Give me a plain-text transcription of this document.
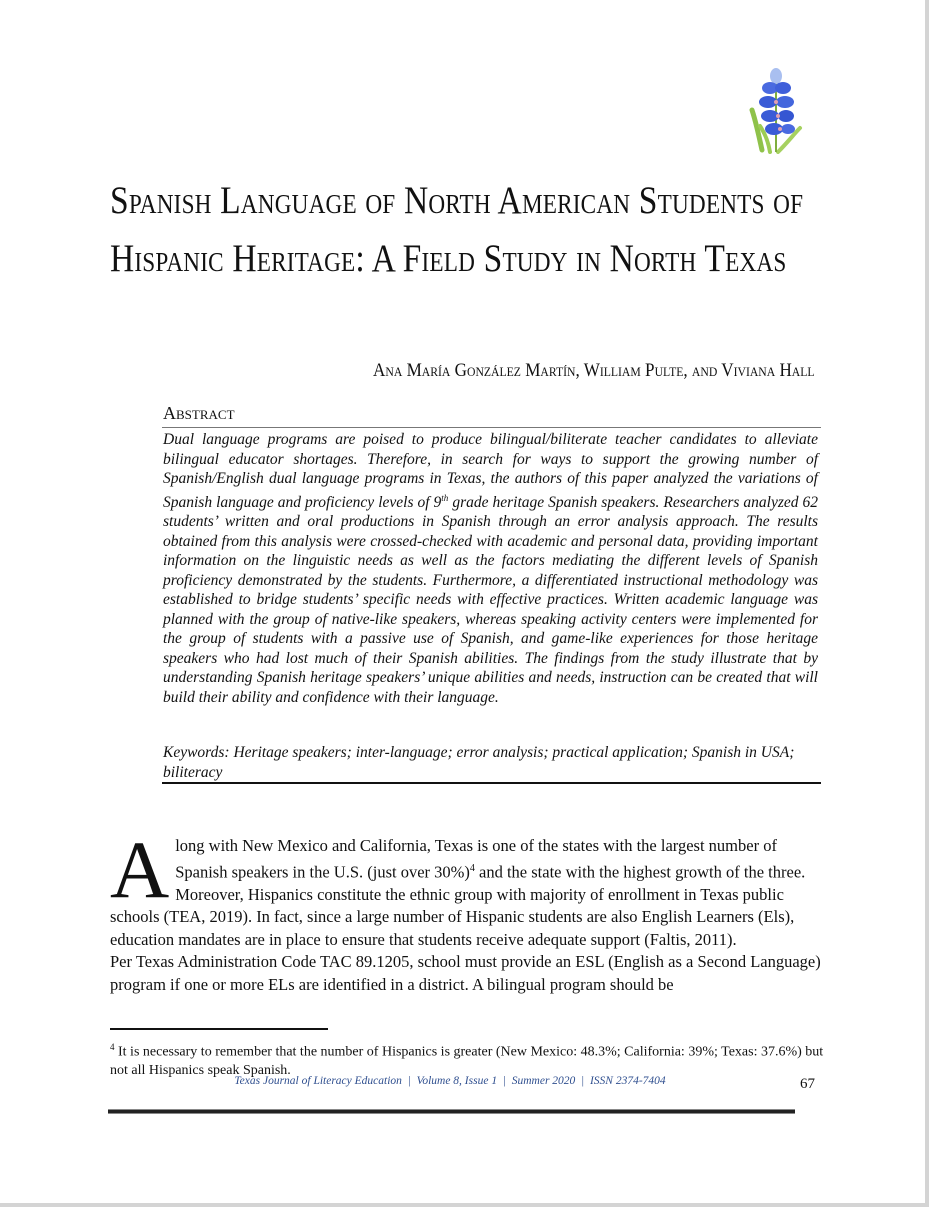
Spanish Language of North American Students of Hispanic Heritage: A Field Study in North Texas
Ana María González Martín, William Pulte, and Viviana Hall
Abstract

Dual language programs are poised to produce bilingual/biliterate teacher candidates to alleviate bilingual educator shortages. Therefore, in search for ways to support the growing number of Spanish/English dual language programs in Texas, the authors of this paper analyzed the variations of Spanish language and proficiency levels of 9th grade heritage Spanish speakers. Researchers analyzed 62 students’ written and oral productions in Spanish through an error analysis approach. The results obtained from this analysis were crossed-checked with academic and personal data, providing important information on the linguistic needs as well as the factors mediating the different levels of Spanish proficiency demonstrated by the students. Furthermore, a differentiated instructional methodology was established to bridge students’ specific needs with effective practices. Written academic language was planned with the group of native-like speakers, whereas speaking activity centers were implemented for the group of students with a passive use of Spanish, and game-like experiences for those heritage speakers who had lost much of their Spanish abilities. The findings from the study illustrate that by understanding Spanish heritage speakers’ unique abilities and needs, instruction can be created that will build their ability and confidence with their language.

Keywords: Heritage speakers; inter-language; error analysis; practical application; Spanish in USA; biliteracy

Along with New Mexico and California, Texas is one of the states with the largest number of Spanish speakers in the U.S. (just over 30%)$^4$ and the state with the highest growth of the three. Moreover, Hispanics constitute the ethnic group with majority of enrollment in Texas public schools (TEA, 2019). In fact, since a large number of Hispanic students are also English Learners (Els), education mandates are in place to ensure that students receive adequate support (Faltis, 2011).

Per Texas Administration Code TAC 89.1205, school must provide an ESL (English as a Second Language) program if one or more ELs are identified in a district. A bilingual program should be

$^4$ It is necessary to remember that the number of Hispanics is greater (New Mexico: 48.3%; California: 39%; Texas: 37.6%) but not all Hispanics speak Spanish.

Texas Journal of Literacy Education  |  Volume 8, Issue 1  |  Summer 2020  |  ISSN 2374-7404	67
